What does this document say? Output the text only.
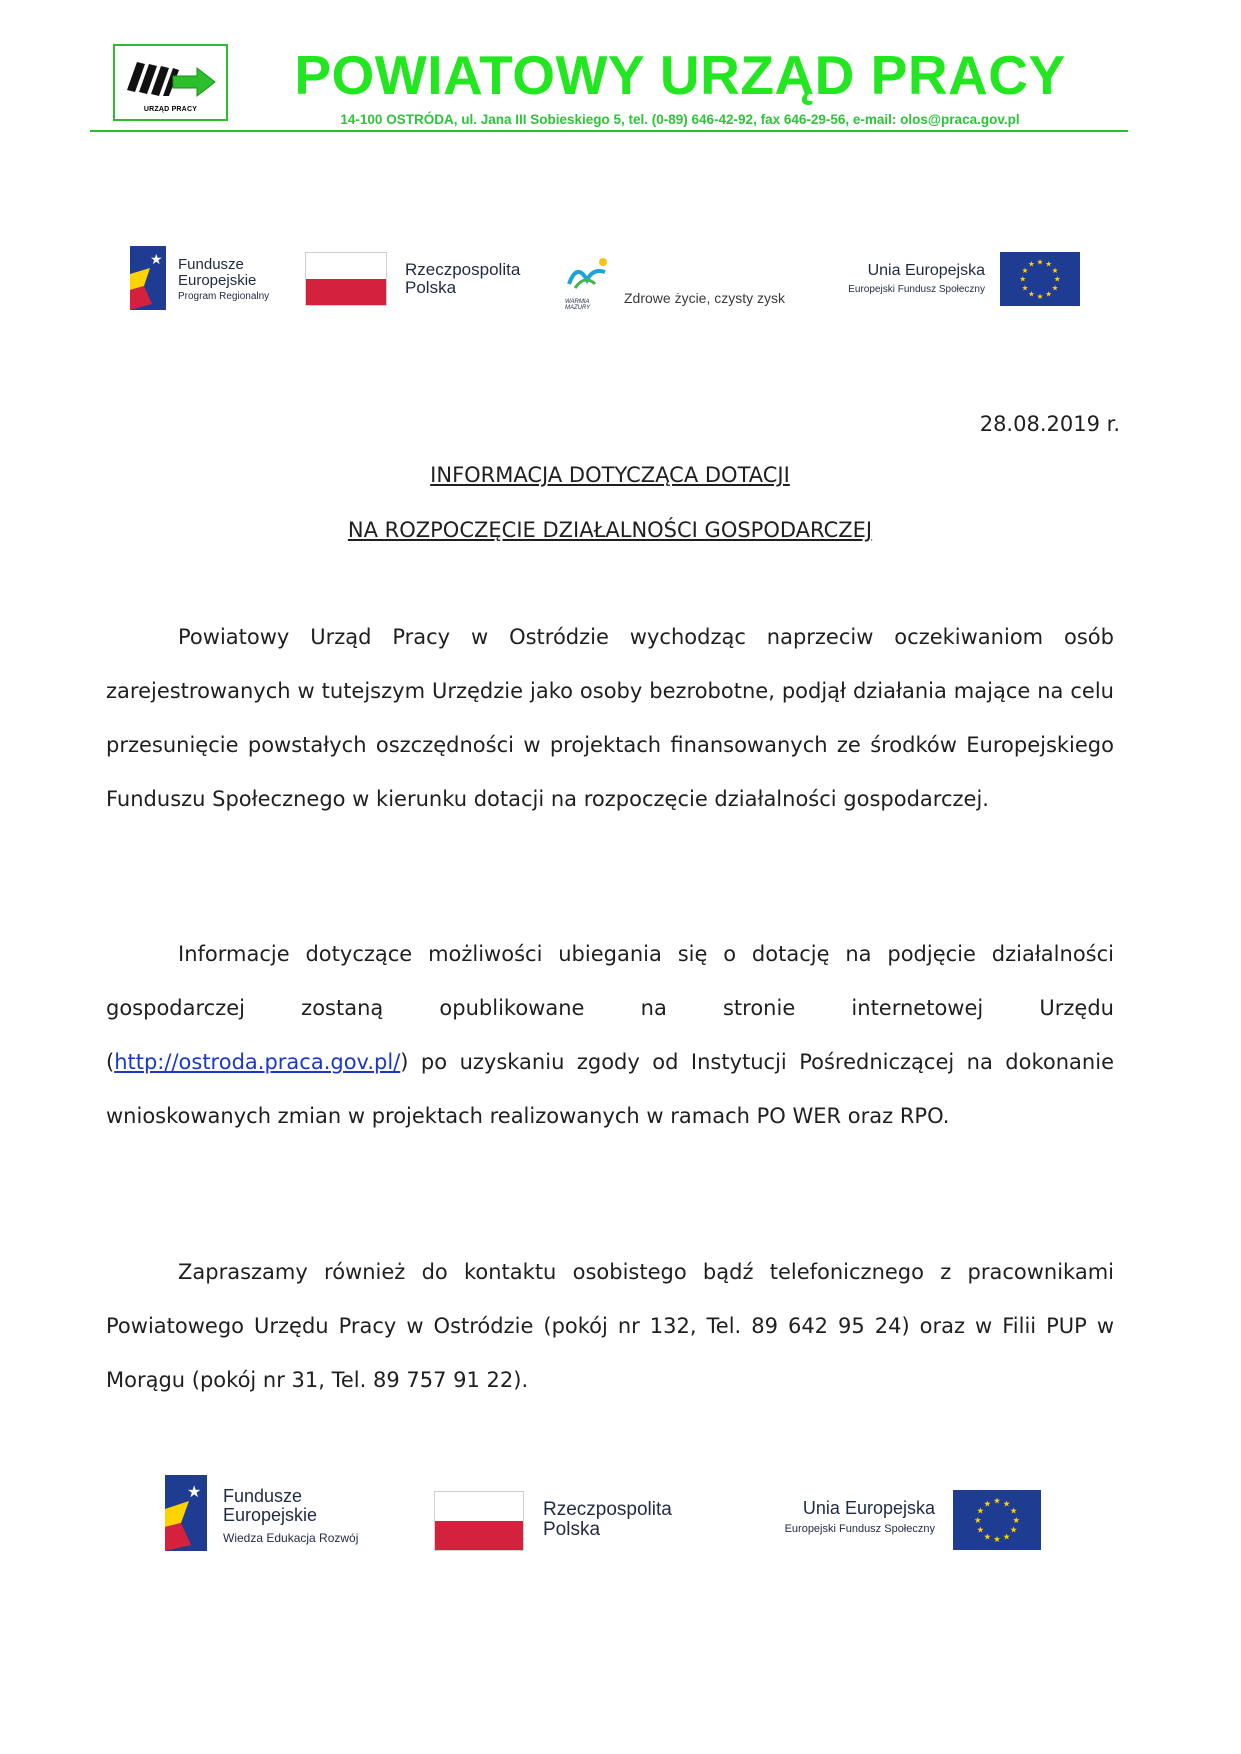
URZĄD PRACY
POWIATOWY URZĄD PRACY
14-100 OSTRÓDA, ul. Jana III Sobieskiego 5, tel. (0-89) 646-42-92, fax 646-29-56, e-mail: olos@praca.gov.pl
★ Fundusze
Europejskie
Program Regionalny
Rzeczpospolita
Polska
WARMIA MAZURY
Zdrowe życie, czysty zysk
Unia Europejska
Europejski Fundusz Społeczny
★ ★
★
★
★
★
★
★
★
★
★
★
28.08.2019 r.
INFORMACJA DOTYCZĄCA DOTACJI
NA ROZPOCZĘCIE DZIAŁALNOŚCI GOSPODARCZEJ
Powiatowy Urząd Pracy w Ostródzie wychodząc naprzeciw oczekiwaniom osób zarejestrowanych w tutejszym Urzędzie jako osoby bezrobotne, podjął działania mające na celu przesunięcie powstałych oszczędności w projektach finansowanych ze środków Europejskiego Funduszu Społecznego w kierunku dotacji na rozpoczęcie działalności gospodarczej.
Informacje dotyczące możliwości ubiegania się o dotację na podjęcie działalności gospodarczej zostaną opublikowane na stronie internetowej Urzędu (http://ostroda.praca.gov.pl/) po uzyskaniu zgody od Instytucji Pośredniczącej na dokonanie wnioskowanych zmian w projektach realizowanych w ramach PO WER oraz RPO.
Zapraszamy również do kontaktu osobistego bądź telefonicznego z pracownikami Powiatowego Urzędu Pracy w Ostródzie (pokój nr 132, Tel. 89 642 95 24) oraz w Filii PUP w Morągu (pokój nr 31, Tel. 89 757 91 22).
★ Fundusze
Europejskie
Wiedza Edukacja Rozwój
Rzeczpospolita
Polska
Unia Europejska
Europejski Fundusz Społeczny
★ ★
★
★
★
★
★
★
★
★
★
★
